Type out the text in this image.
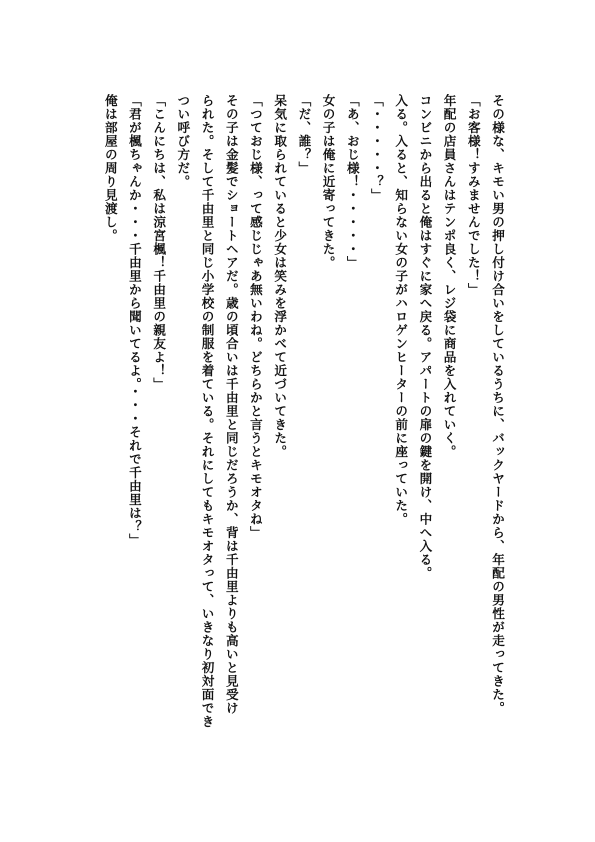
その様な、キモい男の押し付け合いをしているうちに、バックヤードから、年配の男性が走ってきた。
「お客様！すみませんでした！」
年配の店員さんはテンポ良く、レジ袋に商品を入れていく。
コンビニから出ると俺はすぐに家へ戻る。アパートの扉の鍵を開け、中へ入る。
入る。入ると、知らない女の子がハロゲンヒーターの前に座っていた。
「・・・・・？」
「あ、おじ様！・・・・・」
女の子は俺に近寄ってきた。
「だ、誰？」
呆気に取られていると少女は笑みを浮かべて近づいてきた。
「つておじ様、って感じじゃあ無いわね。どちらかと言うとキモオタね」
その子は金髪でショートヘアだ。歳の頃合いは千由里と同じだろうか、背は千由里よりも高いと見受け
られた。そして千由里と同じ小学校の制服を着ている。それにしてもキモオタって、いきなり初対面でき
つい呼び方だ。
「こんにちは、私は涼宮楓！千由里の親友よ！」
「君が楓ちゃんか・・・千由里から聞いてるよ。・・・それで千由里は？」
俺は部屋の周り見渡し。
